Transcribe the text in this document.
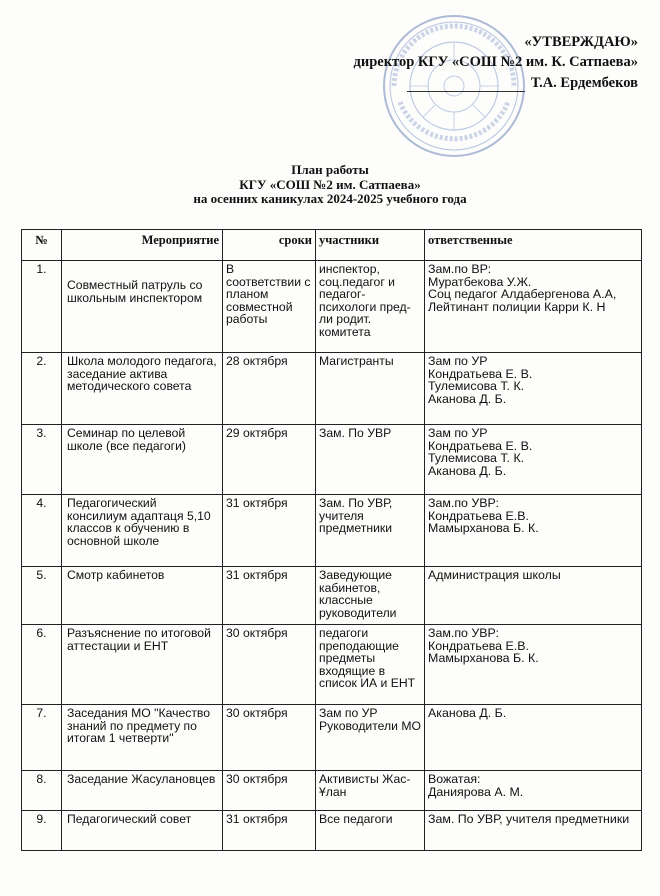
«УТВЕРЖДАЮ»
директор КГУ «СОШ №2 им. К. Сатпаева»
Т.А. Ердембеков
План работы
КГУ «СОШ №2 им. Сатпаева»
на осенних каникулах 2024-2025 учебного года
№	Мероприятие	сроки	участники	ответственные
1.	Совместный патруль со школьным инспектором	В соответствии с планом совместной работы	инспектор, соц.педагог и педагог-психологи пред-ли родит. комитета	Зам.по ВР:
Муратбекова У.Ж.
Соц педагог Алдабергенова А.А,
Лейтинант полиции Карри К. Н

2.	Школа молодого педагога, заседание актива методического совета	28 октября	Магистранты	Зам по УР
Кондратьева Е. В.
Тулемисова Т. К.
Аканова Д. Б.

3.	Семинар по целевой школе (все педагоги)	29 октября	Зам. По УВР	Зам по УР
Кондратьева Е. В.
Тулемисова Т. К.
Аканова Д. Б.

4.	Педагогический консилиум адаптаця 5,10 классов к обучению в основной школе	31 октября	Зам. По УВР, учителя предметники	Зам.по УВР:
Кондратьева Е.В.
Мамырханова Б. К.

5.	Смотр кабинетов	31 октября	Заведующие кабинетов, классные руководители	Администрация школы

6.	Разъяснение по итоговой аттестации и ЕНТ	30 октября	педагоги преподающие предметы входящие в список ИА и ЕНТ	Зам.по УВР:
Кондратьева Е.В.
Мамырханова Б. К.

7.	Заседания МО "Качество знаний по предмету по итогам 1 четверти"	30 октября	Зам по УР Руководители МО	Аканова Д. Б.

8.	Заседание Жасулановцев	30 октября	Активисты Жас-Ұлан	Вожатая:
Даниярова А. М.

9.	Педагогический совет	31 октября	Все педагоги	Зам. По УВР, учителя предметники
